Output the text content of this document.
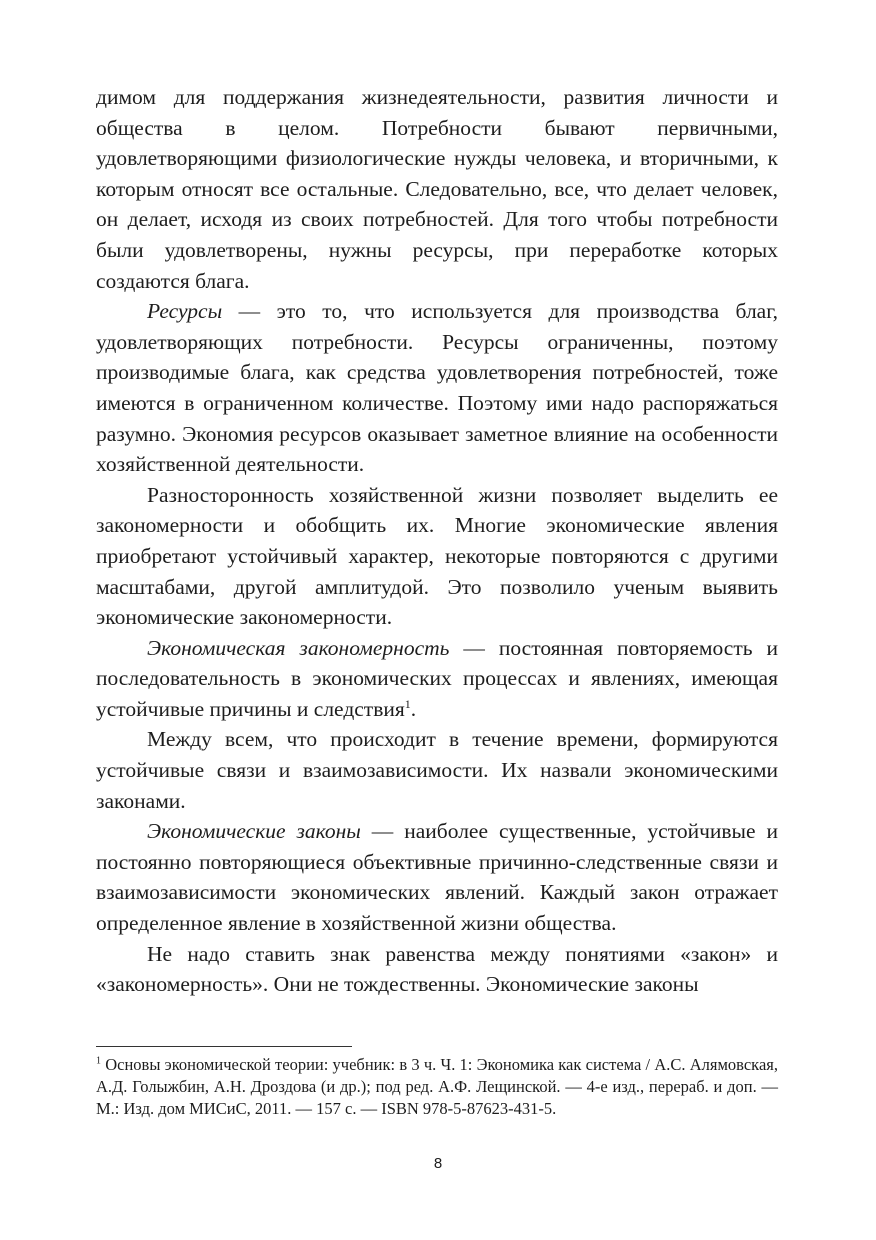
димом для поддержания жизнедеятельности, развития личности и общества в целом. Потребности бывают первичными, удовлетворяющими физиологические нужды человека, и вторичными, к которым относят все остальные. Следовательно, все, что делает человек, он делает, исходя из своих потребностей. Для того чтобы потребности были удовлетворены, нужны ресурсы, при переработке которых создаются блага.

Ресурсы — это то, что используется для производства благ, удовлетворяющих потребности. Ресурсы ограниченны, поэтому производимые блага, как средства удовлетворения потребностей, тоже имеются в ограниченном количестве. Поэтому ими надо распоряжаться разумно. Экономия ресурсов оказывает заметное влияние на особенности хозяйственной деятельности.

Разносторонность хозяйственной жизни позволяет выделить ее закономерности и обобщить их. Многие экономические явления приобретают устойчивый характер, некоторые повторяются с другими масштабами, другой амплитудой. Это позволило ученым выявить экономические закономерности.

Экономическая закономерность — постоянная повторяемость и последовательность в экономических процессах и явлениях, имеющая устойчивые причины и следствия$^1$.

Между всем, что происходит в течение времени, формируются устойчивые связи и взаимозависимости. Их назвали экономическими законами.

Экономические законы — наиболее существенные, устойчивые и постоянно повторяющиеся объективные причинно-следственные связи и взаимозависимости экономических явлений. Каждый закон отражает определенное явление в хозяйственной жизни общества.

Не надо ставить знак равенства между понятиями «закон» и «закономерность». Они не тождественны. Экономические законы

$^1$ Основы экономической теории: учебник: в 3 ч. Ч. 1: Экономика как система / А.С. Алямовская, А.Д. Голыжбин, А.Н. Дроздова (и др.); под ред. А.Ф. Лещинской. — 4-е изд., перераб. и доп. — М.: Изд. дом МИСиС, 2011. — 157 с. — ISBN 978-5-87623-431-5.

8
